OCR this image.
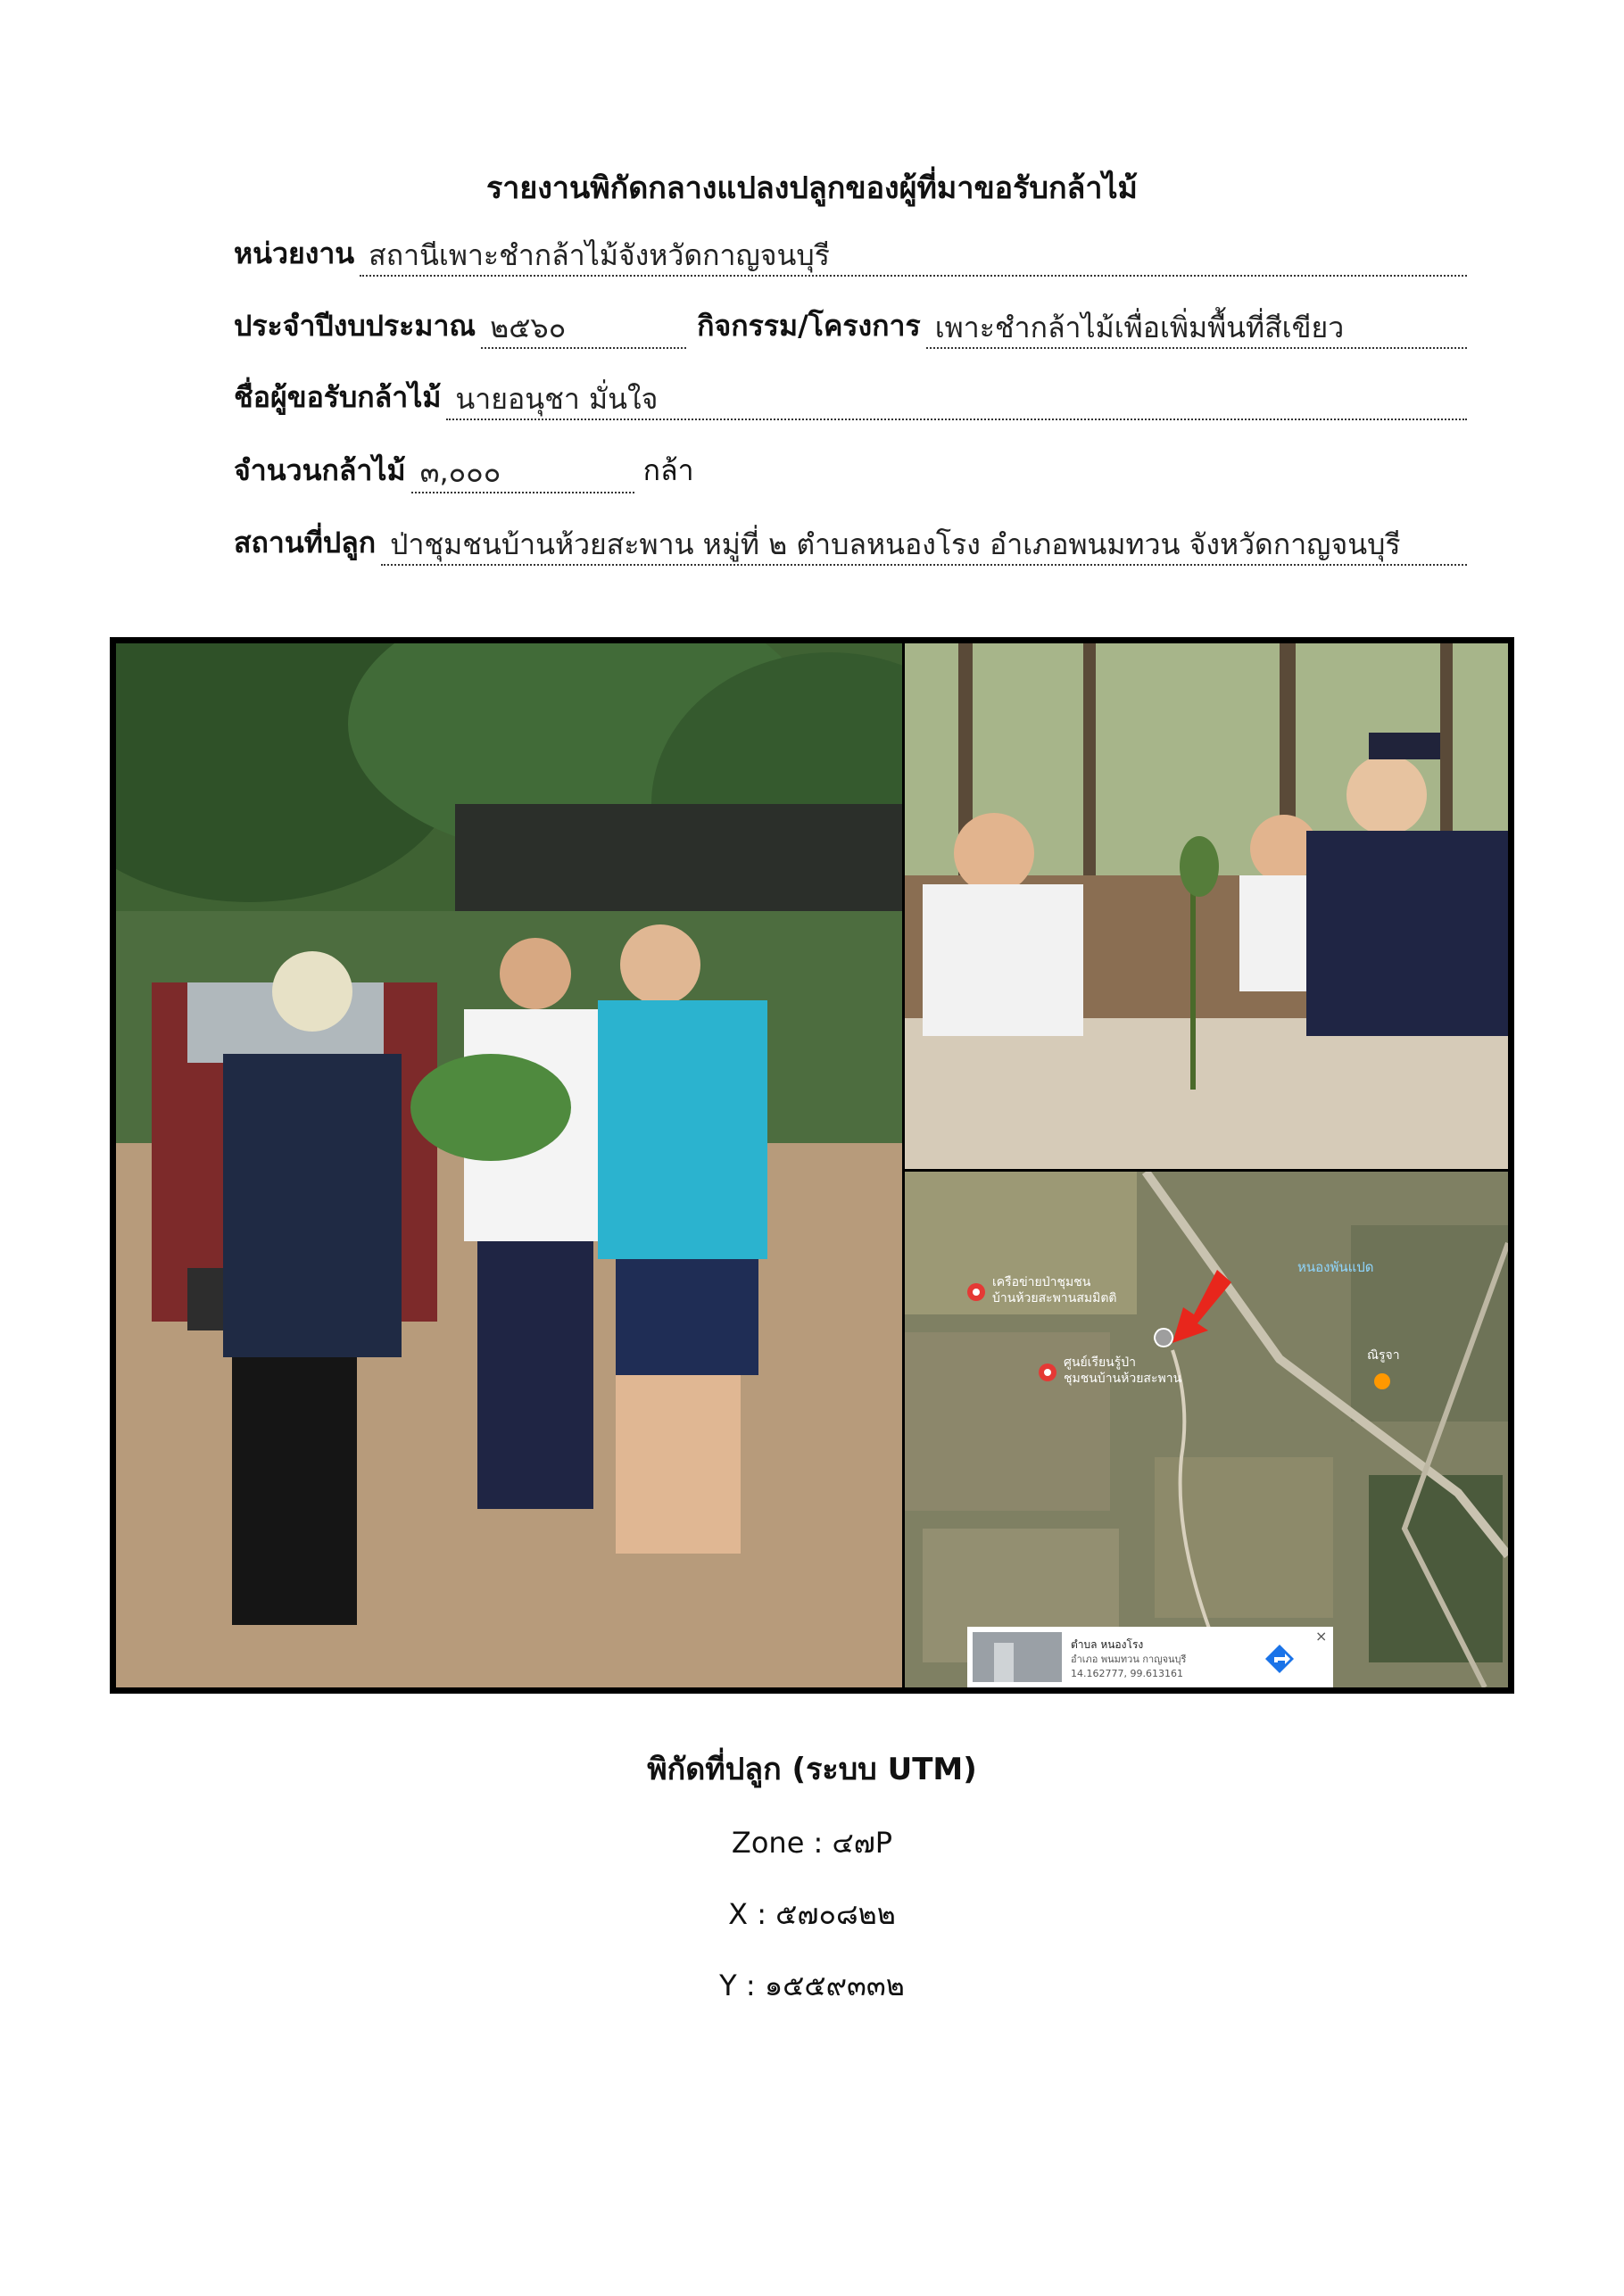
รายงานพิกัดกลางแปลงปลูกของผู้ที่มาขอรับกล้าไม้
หน่วยงาน สถานีเพาะชำกล้าไม้จังหวัดกาญจนบุรี
ประจำปีงบประมาณ ๒๕๖๐	กิจกรรม/โครงการ เพาะชำกล้าไม้เพื่อเพิ่มพื้นที่สีเขียว
ชื่อผู้ขอรับกล้าไม้ นายอนุชา มั่นใจ
จำนวนกล้าไม้ ๓,๐๐๐	กล้า
สถานที่ปลูก ป่าชุมชนบ้านห้วยสะพาน หมู่ที่ ๒ ตำบลหนองโรง อำเภอพนมทวน จังหวัดกาญจนบุรี
เครือข่ายป่าชุมชน
บ้านห้วยสะพานสมมิตติ
ศูนย์เรียนรู้ป่า
ชุมชนบ้านห้วยสะพาน
หนองพันแปด
ณิรูจา
ตำบล หนองโรง
อำเภอ พนมทวน กาญจนบุรี
14.162777, 99.613161
×
พิกัดที่ปลูก (ระบบ UTM)
Zone : ๔๗P
X : ๕๗๐๘๒๒
Y : ๑๕๕๙๓๓๒
